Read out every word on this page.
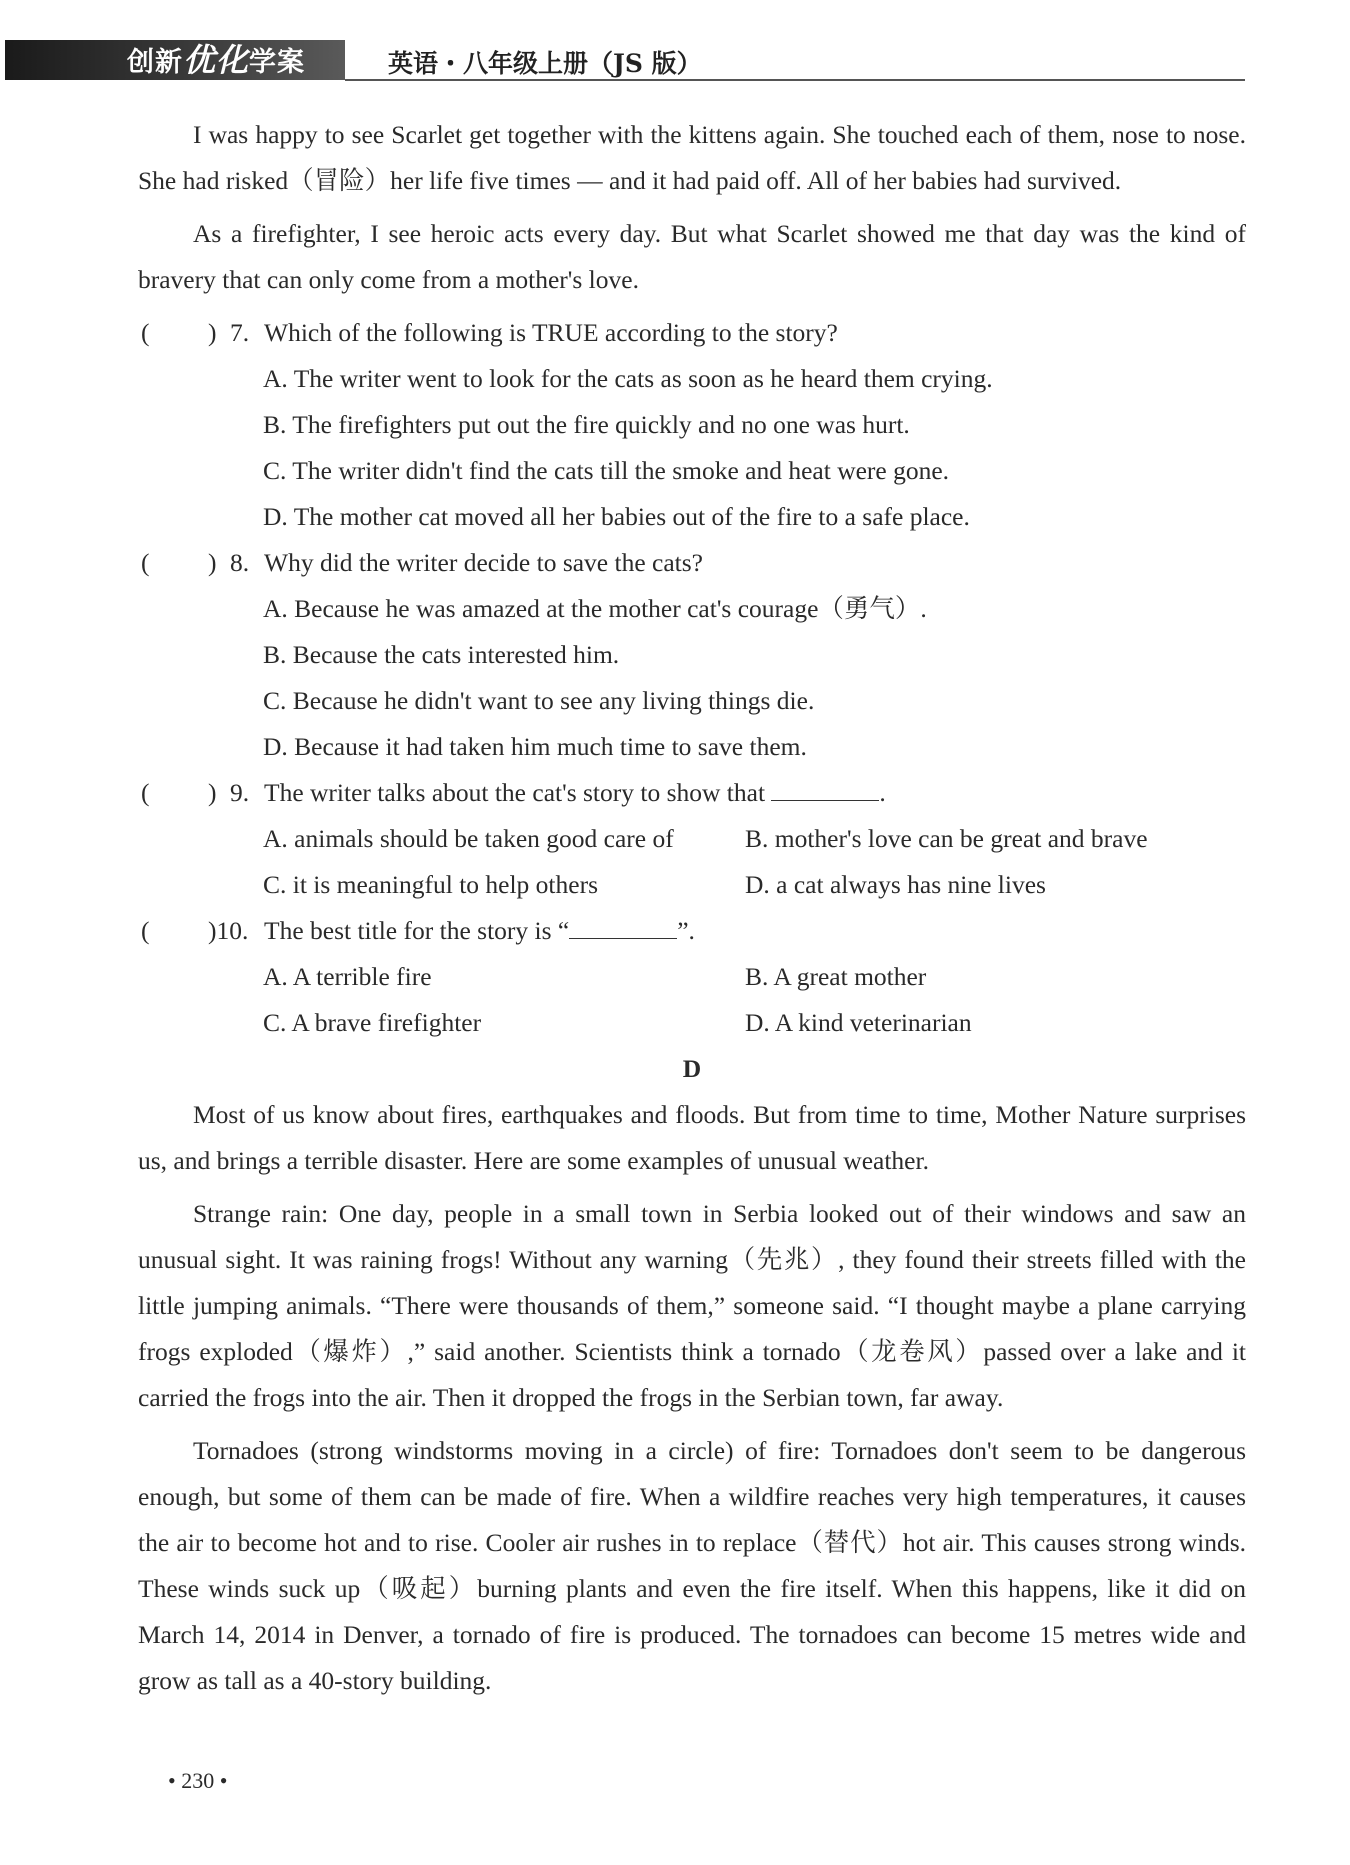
创新优化学案	英语・八年级上册（JS 版）

I was happy to see Scarlet get together with the kittens again. She touched each of them, nose to nose. She had risked（冒险）her life five times — and it had paid off. All of her babies had survived.

As a firefighter, I see heroic acts every day. But what Scarlet showed me that day was the kind of bravery that can only come from a mother's love.

( ) 7. Which of the following is TRUE according to the story?
A. The writer went to look for the cats as soon as he heard them crying.
B. The firefighters put out the fire quickly and no one was hurt.
C. The writer didn't find the cats till the smoke and heat were gone.
D. The mother cat moved all her babies out of the fire to a safe place.
( ) 8. Why did the writer decide to save the cats?
A. Because he was amazed at the mother cat's courage（勇气）.
B. Because the cats interested him.
C. Because he didn't want to see any living things die.
D. Because it had taken him much time to save them.
( ) 9. The writer talks about the cat's story to show that	.
A. animals should be taken good care of	B. mother's love can be great and brave
C. it is meaningful to help others	D. a cat always has nine lives
( )10. The best title for the story is “	”.
A. A terrible fire	B. A great mother
C. A brave firefighter	D. A kind veterinarian
D

Most of us know about fires, earthquakes and floods. But from time to time, Mother Nature surprises us, and brings a terrible disaster. Here are some examples of unusual weather.

Strange rain: One day, people in a small town in Serbia looked out of their windows and saw an unusual sight. It was raining frogs! Without any warning（先兆）, they found their streets filled with the little jumping animals. “There were thousands of them,” someone said. “I thought maybe a plane carrying frogs exploded（爆炸）,” said another. Scientists think a tornado（龙卷风）passed over a lake and it carried the frogs into the air. Then it dropped the frogs in the Serbian town, far away.

Tornadoes (strong windstorms moving in a circle) of fire: Tornadoes don't seem to be dangerous enough, but some of them can be made of fire. When a wildfire reaches very high temperatures, it causes the air to become hot and to rise. Cooler air rushes in to replace（替代）hot air. This causes strong winds. These winds suck up（吸起）burning plants and even the fire itself. When this happens, like it did on March 14, 2014 in Denver, a tornado of fire is produced. The tornadoes can become 15 metres wide and grow as tall as a 40-story building.

• 230 •
